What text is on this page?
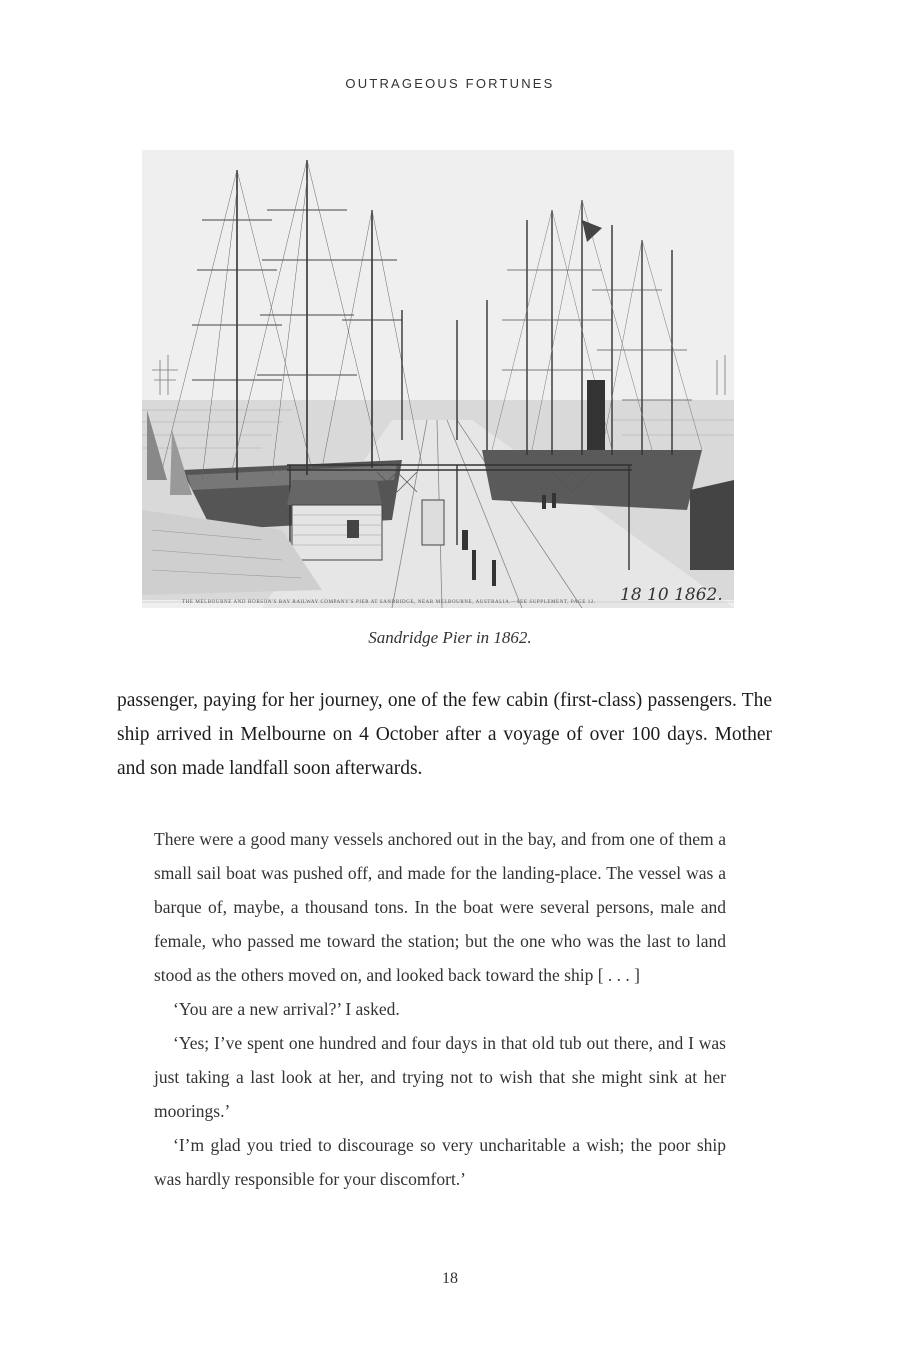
OUTRAGEOUS FORTUNES
THE MELBOURNE AND HOBSON'S BAY RAILWAY COMPANY'S PIER AT SANDRIDGE, NEAR MELBOURNE, AUSTRALIA.—SEE SUPPLEMENT, PAGE 12. 18 10 1862.
Sandridge Pier in 1862.

passenger, paying for her journey, one of the few cabin (first-class) passengers. The ship arrived in Melbourne on 4 October after a voyage of over 100 days. Mother and son made landfall soon afterwards.

There were a good many vessels anchored out in the bay, and from one of them a small sail boat was pushed off, and made for the landing-place. The vessel was a barque of, maybe, a thousand tons. In the boat were several persons, male and female, who passed me toward the station; but the one who was the last to land stood as the others moved on, and looked back toward the ship [ . . . ]

‘You are a new arrival?’ I asked.

‘Yes; I’ve spent one hundred and four days in that old tub out there, and I was just taking a last look at her, and trying not to wish that she might sink at her moorings.’

‘I’m glad you tried to discourage so very uncharitable a wish; the poor ship was hardly responsible for your discomfort.’

18
